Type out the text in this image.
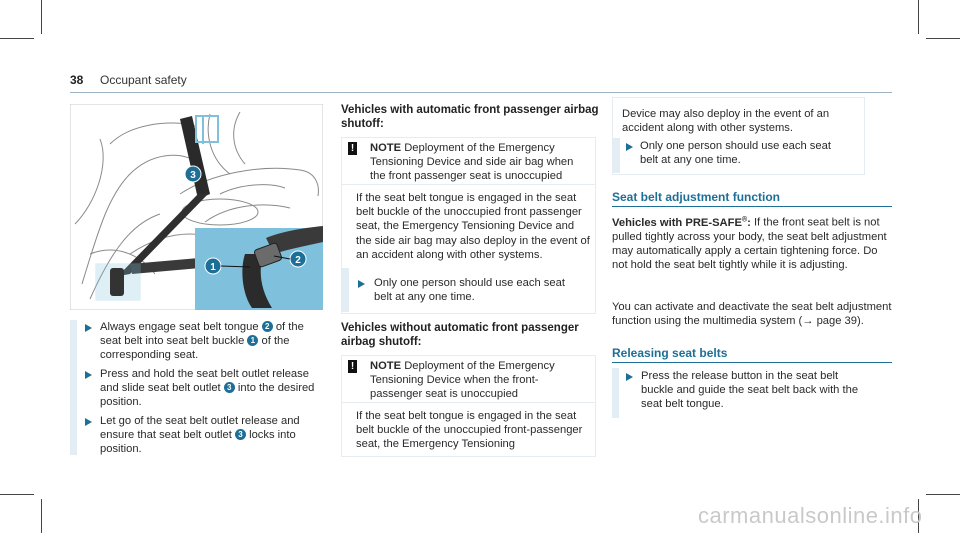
38 Occupant safety
3
1
2
Always engage seat belt tongue 2 of the seat belt into seat belt buckle 1 of the corresponding seat.
Press and hold the seat belt outlet release and slide seat belt outlet 3 into the desired position.
Let go of the seat belt outlet release and ensure that seat belt outlet 3 locks into position.
Vehicles with automatic front passenger airbag shutoff:
! NOTE Deployment of the Emergency Tensioning Device and side air bag when the front passenger seat is unoccupied
If the seat belt tongue is engaged in the seat belt buckle of the unoccupied front passenger seat, the Emergency Tensioning Device and the side air bag may also deploy in the event of an accident along with other systems.
Only one person should use each seat belt at any one time.
Vehicles without automatic front passenger airbag shutoff:
! NOTE Deployment of the Emergency Tensioning Device when the front-passenger seat is unoccupied
If the seat belt tongue is engaged in the seat belt buckle of the unoccupied front-passenger seat, the Emergency Tensioning
Device may also deploy in the event of an accident along with other systems.
Only one person should use each seat belt at any one time.
Seat belt adjustment function
Vehicles with PRE-SAFE®: If the front seat belt is not pulled tightly across your body, the seat belt adjustment may automatically apply a certain tightening force. Do not hold the seat belt tightly while it is adjusting.
You can activate and deactivate the seat belt adjustment function using the multimedia system (→ page 39).
Releasing seat belts
Press the release button in the seat belt buckle and guide the seat belt back with the seat belt tongue.
carmanualsonline.info
